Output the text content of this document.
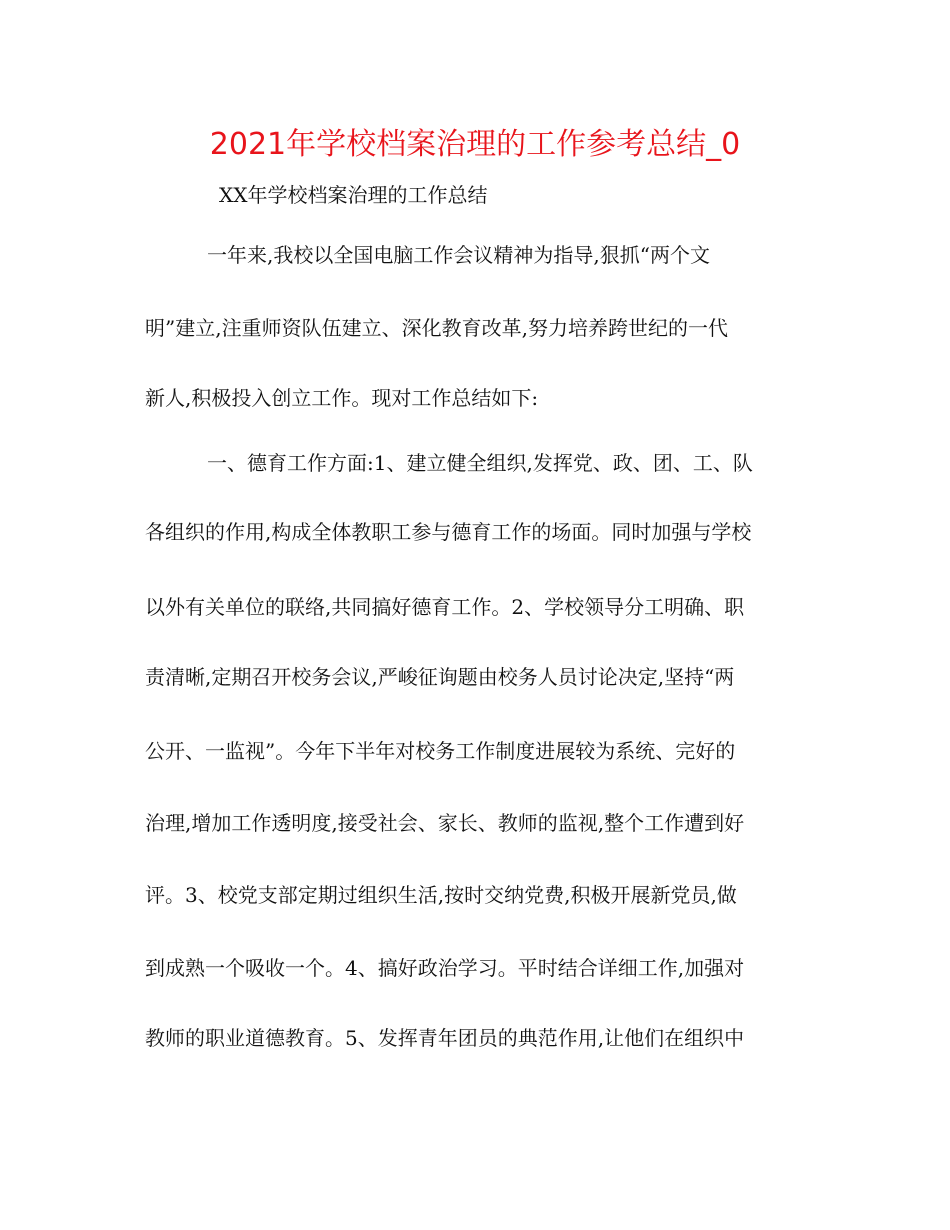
2021年学校档案治理的工作参考总结_0
XX年学校档案治理的工作总结
一年来,我校以全国电脑工作会议精神为指导,狠抓“两个文
明”建立,注重师资队伍建立、深化教育改革,努力培养跨世纪的一代
新人,积极投入创立工作。现对工作总结如下:
一、德育工作方面:1、建立健全组织,发挥党、政、团、工、队
各组织的作用,构成全体教职工参与德育工作的场面。同时加强与学校
以外有关单位的联络,共同搞好德育工作。2、学校领导分工明确、职
责清晰,定期召开校务会议,严峻征询题由校务人员讨论决定,坚持“两
公开、一监视”。今年下半年对校务工作制度进展较为系统、完好的
治理,增加工作透明度,接受社会、家长、教师的监视,整个工作遭到好
评。3、校党支部定期过组织生活,按时交纳党费,积极开展新党员,做
到成熟一个吸收一个。4、搞好政治学习。平时结合详细工作,加强对
教师的职业道德教育。5、发挥青年团员的典范作用,让他们在组织中
